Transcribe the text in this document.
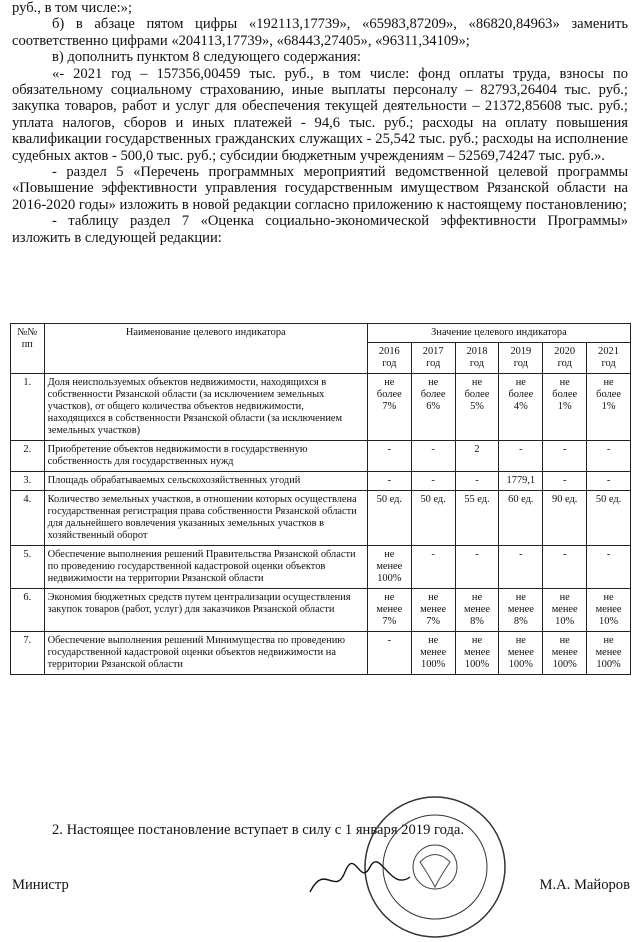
руб., в том числе:»;

б) в абзаце пятом цифры «192113,17739», «65983,87209», «86820,84963» заменить соответственно цифрами «204113,17739», «68443,27405», «96311,34109»;

в) дополнить пунктом 8 следующего содержания:

«- 2021 год – 157356,00459 тыс. руб., в том числе: фонд оплаты труда, взносы по обязательному социальному страхованию, иные выплаты персоналу – 82793,26404 тыс. руб.; закупка товаров, работ и услуг для обеспечения текущей деятельности – 21372,85608 тыс. руб.; уплата налогов, сборов и иных платежей - 94,6 тыс. руб.; расходы на оплату повышения квалификации государственных гражданских служащих - 25,542 тыс. руб.; расходы на исполнение судебных актов - 500,0 тыс. руб.; субсидии бюджетным учреждениям – 52569,74247 тыс. руб.».

- раздел 5 «Перечень программных мероприятий ведомственной целевой программы «Повышение эффективности управления государственным имуществом Рязанской области на 2016-2020 годы» изложить в новой редакции согласно приложению к настоящему постановлению;

- таблицу раздел 7 «Оценка социально-экономической эффективности Программы» изложить в следующей редакции:

№№ пп	Наименование целевого индикатора	Значение целевого индикатора					
		2016 год	2017 год	2018 год	2019 год	2020 год	2021 год
1.	Доля неиспользуемых объектов недвижимости, находящихся в собственности Рязанской области (за исключением земельных участков), от общего количества объектов недвижимости, находящихся в собственности Рязанской области (за исключением земельных участков)	не более 7%	не более 6%	не более 5%	не более 4%	не более 1%	не более 1%
2.	Приобретение объектов недвижимости в государственную собственность для государственных нужд	-	-	2	-	-	-
3.	Площадь обрабатываемых сельскохозяйственных угодий	-	-	-	1779,1	-	-
4.	Количество земельных участков, в отношении которых осуществлена государственная регистрация права собственности Рязанской области для дальнейшего вовлечения указанных земельных участков в хозяйственный оборот	50 ед.	50 ед.	55 ед.	60 ед.	90 ед.	50 ед.
5.	Обеспечение выполнения решений Правительства Рязанской области по проведению государственной кадастровой оценки объектов недвижимости на территории Рязанской области	не менее 100%	-	-	-	-	-
6.	Экономия бюджетных средств путем централизации осуществления закупок товаров (работ, услуг) для заказчиков Рязанской области	не менее 7%	не менее 7%	не менее 8%	не менее 8%	не менее 10%	не менее 10%
7.	Обеспечение выполнения решений Минимущества по проведению государственной кадастровой оценки объектов недвижимости на территории Рязанской области	-	не менее 100%	не менее 100%	не менее 100%	не менее 100%	не менее 100%
2. Настоящее постановление вступает в силу с 1 января 2019 года.
Министр	М.А. Майоров
